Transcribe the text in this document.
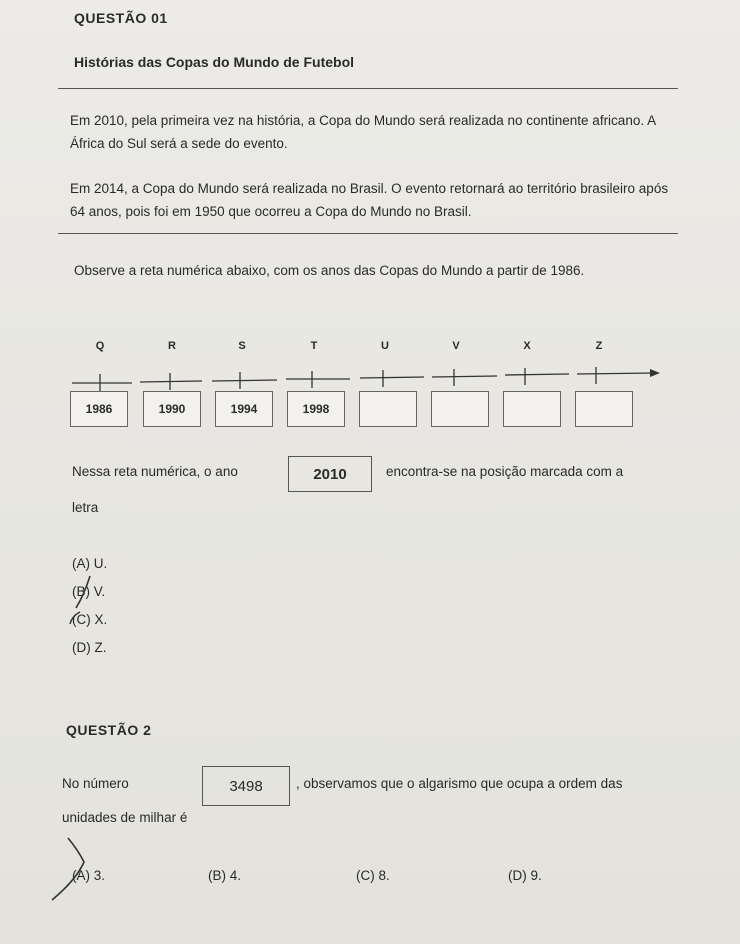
QUESTÃO 01
Histórias das Copas do Mundo de Futebol

Em 2010, pela primeira vez na história, a Copa do Mundo será realizada no continente africano. A África do Sul será a sede do evento.

Em 2014, a Copa do Mundo será realizada no Brasil. O evento retornará ao território brasileiro após 64 anos, pois foi em 1950 que ocorreu a Copa do Mundo no Brasil.

Observe a reta numérica abaixo, com os anos das Copas do Mundo a partir de 1986.
Q	R	S	T	U	V	X	Z
1986	1990	1994	1998
Nessa reta numérica, o ano	2010	encontra-se na posição marcada com a
letra
(A) U.
(B) V.
(C) X.
(D) Z.
QUESTÃO 2
No número	3498	, observamos que o algarismo que ocupa a ordem das
unidades de milhar é
(A) 3.	(B) 4.	(C) 8.	(D) 9.
